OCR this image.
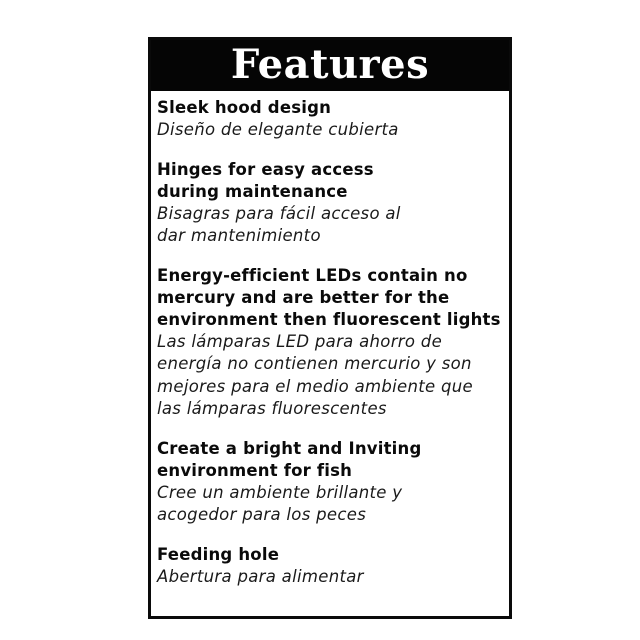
Features
Sleek hood design
Diseño de elegante cubierta
Hinges for easy access
during maintenance
Bisagras para fácil acceso al
dar mantenimiento
Energy-efficient LEDs contain no
mercury and are better for the
environment then fluorescent lights
Las lámparas LED para ahorro de
energía no contienen mercurio y son
mejores para el medio ambiente que
las lámparas fluorescentes
Create a bright and Inviting
environment for fish
Cree un ambiente brillante y
acogedor para los peces
Feeding hole
Abertura para alimentar
